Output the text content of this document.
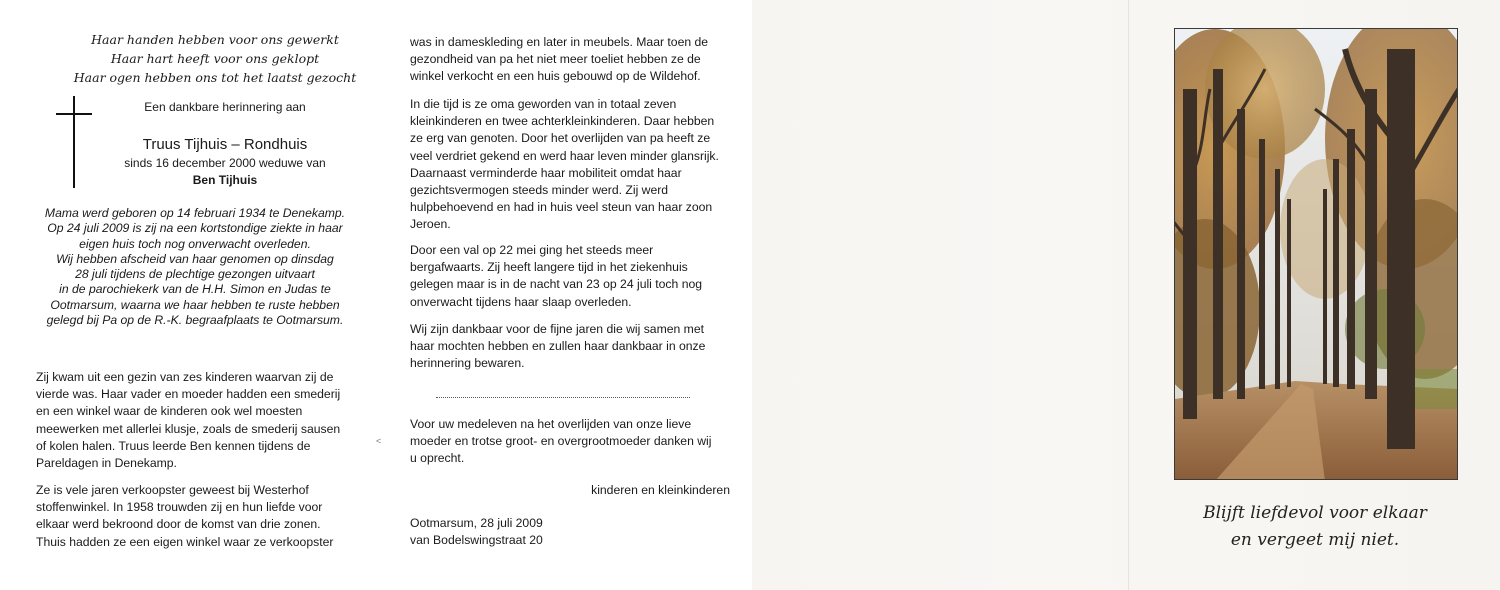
Haar handen hebben voor ons gewerkt
Haar hart heeft voor ons geklopt
Haar ogen hebben ons tot het laatst gezocht
Een dankbare herinnering aan
Truus Tijhuis – Rondhuis
sinds 16 december 2000 weduwe van
Ben Tijhuis
Mama werd geboren op 14 februari 1934 te Denekamp.
Op 24 juli 2009 is zij na een kortstondige ziekte in haar
eigen huis toch nog onverwacht overleden.
Wij hebben afscheid van haar genomen op dinsdag
28 juli tijdens de plechtige gezongen uitvaart
in de parochiekerk van de H.H. Simon en Judas te
Ootmarsum, waarna we haar hebben te ruste hebben
gelegd bij Pa op de R.-K. begraafplaats te Ootmarsum.
Zij kwam uit een gezin van zes kinderen waarvan zij de
vierde was. Haar vader en moeder hadden een smederij
en een winkel waar de kinderen ook wel moesten
meewerken met allerlei klusje, zoals de smederij sausen
of kolen halen. Truus leerde Ben kennen tijdens de
Pareldagen in Denekamp.
Ze is vele jaren verkoopster geweest bij Westerhof
stoffenwinkel. In 1958 trouwden zij en hun liefde voor
elkaar werd bekroond door de komst van drie zonen.
Thuis hadden ze een eigen winkel waar ze verkoopster
<
was in dameskleding en later in meubels. Maar toen de
gezondheid van pa het niet meer toeliet hebben ze de
winkel verkocht en een huis gebouwd op de Wildehof.
In die tijd is ze oma geworden van in totaal zeven
kleinkinderen en twee achterkleinkinderen. Daar hebben
ze erg van genoten. Door het overlijden van pa heeft ze
veel verdriet gekend en werd haar leven minder glansrijk.
Daarnaast verminderde haar mobiliteit omdat haar
gezichtsvermogen steeds minder werd. Zij werd
hulpbehoevend en had in huis veel steun van haar zoon
Jeroen.
Door een val op 22 mei ging het steeds meer
bergafwaarts. Zij heeft langere tijd in het ziekenhuis
gelegen maar is in de nacht van 23 op 24 juli toch nog
onverwacht tijdens haar slaap overleden.
Wij zijn dankbaar voor de fijne jaren die wij samen met
haar mochten hebben en zullen haar dankbaar in onze
herinnering bewaren.
Voor uw medeleven na het overlijden van onze lieve
moeder en trotse groot- en overgrootmoeder danken wij
u oprecht.
kinderen en kleinkinderen
Ootmarsum, 28 juli 2009
van Bodelswingstraat 20
Blijft liefdevol voor elkaar
en vergeet mij niet.
